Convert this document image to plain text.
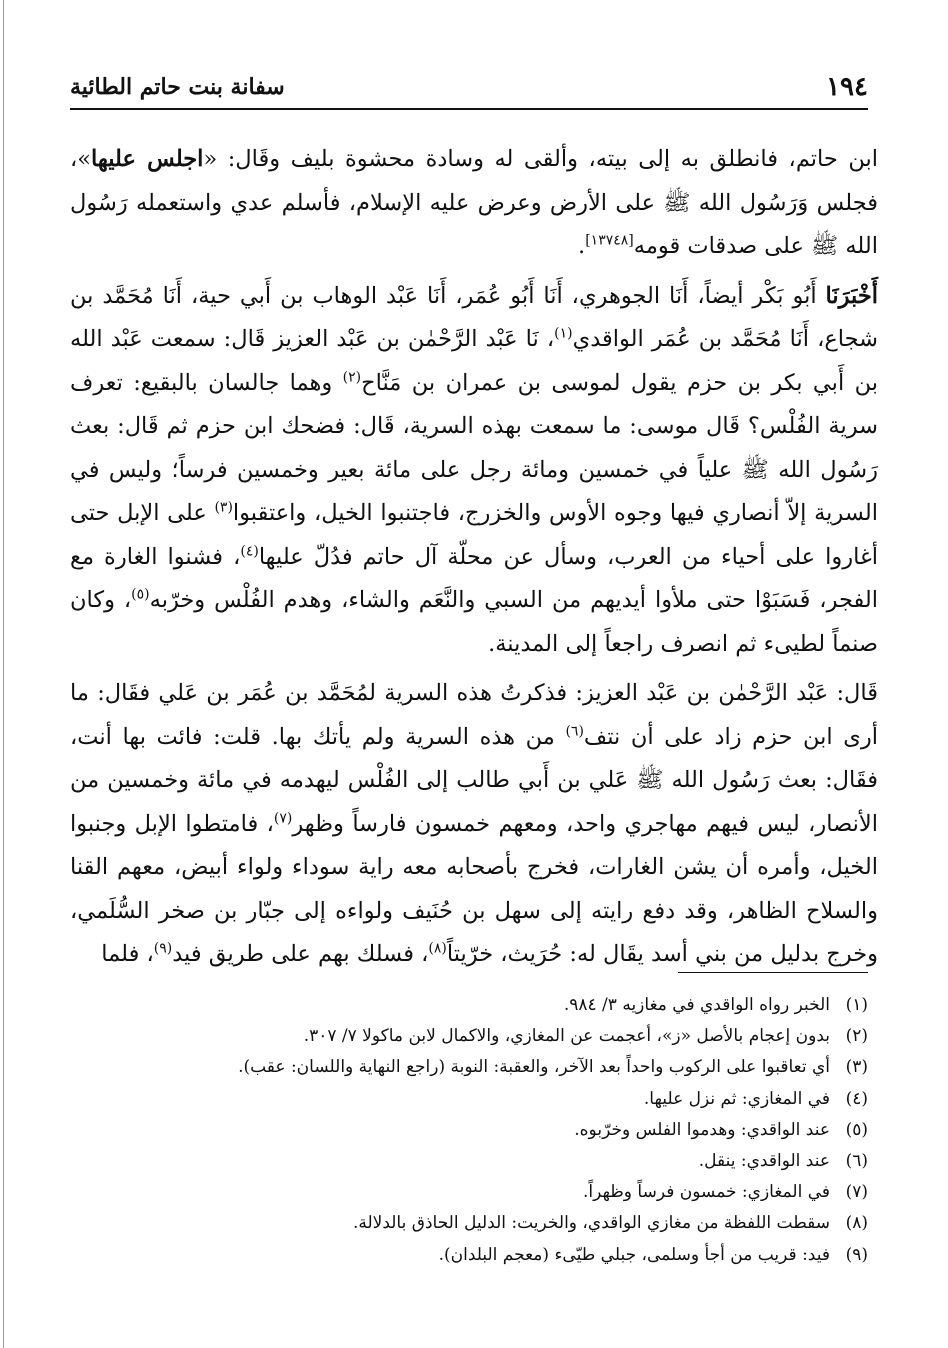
١٩٤
سفانة بنت حاتم الطائية

ابن حاتم، فانطلق به إلى بيته، وألقى له وسادة محشوة بليف وقَال: «اجلس عليها»، فجلس وَرَسُول الله ﷺ على الأرض وعرض عليه الإسلام، فأسلم عدي واستعمله رَسُول الله ﷺ على صدقات قومه[١٣٧٤٨].

أَخْبَرَنَا أَبُو بَكْر أيضاً، أَنَا الجوهري، أَنَا أَبُو عُمَر، أَنَا عَبْد الوهاب بن أَبي حية، أَنَا مُحَمَّد بن شجاع، أَنَا مُحَمَّد بن عُمَر الواقدي$^{(١)}$، نَا عَبْد الرَّحْمٰن بن عَبْد العزيز قَال: سمعت عَبْد الله بن أَبي بكر بن حزم يقول لموسى بن عمران بن مَنَّاح$^{(٢)}$ وهما جالسان بالبقيع: تعرف سرية الفُلْس؟ قَال موسى: ما سمعت بهذه السرية، قَال: فضحك ابن حزم ثم قَال: بعث رَسُول الله ﷺ علياً في خمسين ومائة رجل على مائة بعير وخمسين فرساً؛ وليس في السرية إلاّ أنصاري فيها وجوه الأوس والخزرج، فاجتنبوا الخيل، واعتقبوا$^{(٣)}$ على الإبل حتى أغاروا على أحياء من العرب، وسأل عن محلّة آل حاتم فدُلّ عليها$^{(٤)}$، فشنوا الغارة مع الفجر، فَسَبَوْا حتى ملأوا أيديهم من السبي والنَّعَم والشاء، وهدم الفُلْس وخرّبه$^{(٥)}$، وكان صنماً لطيىء ثم انصرف راجعاً إلى المدينة.

قَال: عَبْد الرَّحْمٰن بن عَبْد العزيز: فذكرتُ هذه السرية لمُحَمَّد بن عُمَر بن عَلي فقَال: ما أرى ابن حزم زاد على أن نتف$^{(٦)}$ من هذه السرية ولم يأتك بها. قلت: فائت بها أنت، فقَال: بعث رَسُول الله ﷺ عَلي بن أَبي طالب إلى الفُلْس ليهدمه في مائة وخمسين من الأنصار، ليس فيهم مهاجري واحد، ومعهم خمسون فارساً وظهر$^{(٧)}$، فامتطوا الإبل وجنبوا الخيل، وأمره أن يشن الغارات، فخرج بأصحابه معه راية سوداء ولواء أبيض، معهم القنا والسلاح الظاهر، وقد دفع رايته إلى سهل بن حُنَيف ولواءه إلى جبّار بن صخر السُّلَمي، وخرج بدليل من بني أسد يقَال له: حُرَيث، خرّيتاً$^{(٨)}$، فسلك بهم على طريق فيد$^{(٩)}$، فلما

(١)الخبر رواه الواقدي في مغازيه ٣/ ٩٨٤.
(٢)بدون إعجام بالأصل «ز»، أعجمت عن المغازي، والاكمال لابن ماكولا ٧/ ٣٠٧.
(٣)أي تعاقبوا على الركوب واحداً بعد الآخر، والعقبة: النوبة (راجع النهاية واللسان: عقب).
(٤)في المغازي: ثم نزل عليها.
(٥)عند الواقدي: وهدموا الفلس وخرّبوه.
(٦)عند الواقدي: ينقل.
(٧)في المغازي: خمسون فرساً وظهراً.
(٨)سقطت اللفظة من مغازي الواقدي، والخريت: الدليل الحاذق بالدلالة.
(٩)فيد: قريب من أجأ وسلمى، جبلي طيّىء (معجم البلدان).
